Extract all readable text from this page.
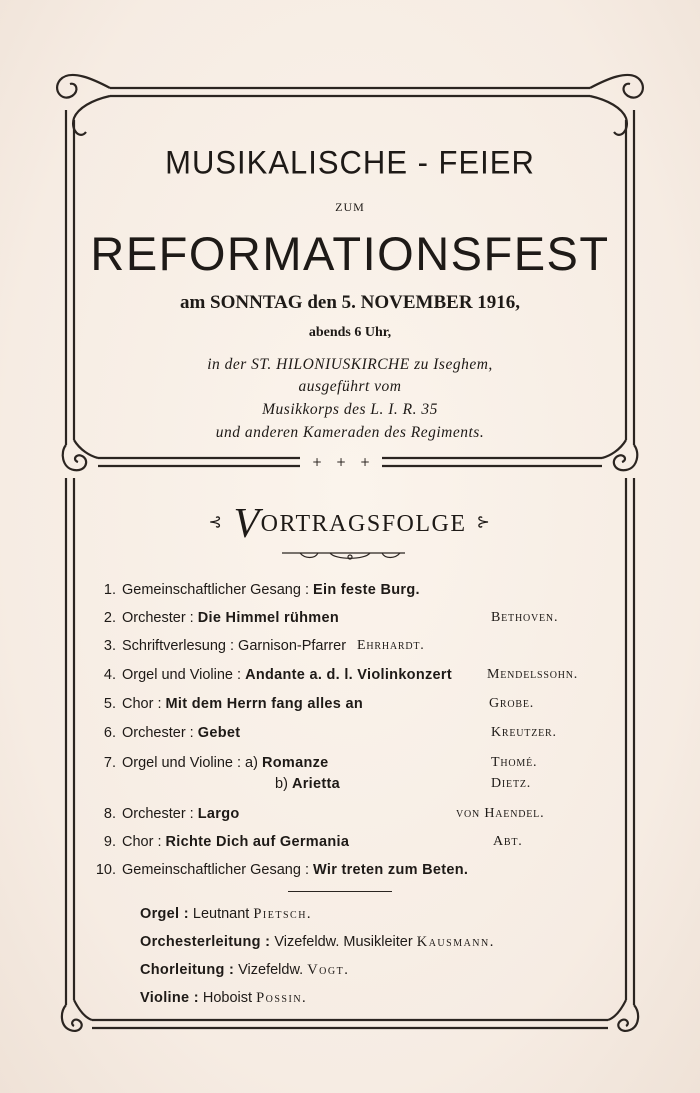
+ + +
MUSIKALISCHE - FEIER
ZUM
REFORMATIONSFEST
am SONNTAG den 5. NOVEMBER 1916,
abends 6 Uhr,
in der ST. HILONIUSKIRCHE zu Iseghem,
ausgeführt vom
Musikkorps des L. I. R. 35
und anderen Kameraden des Regiments.
⊰ VORTRAGSFOLGE ⊱
1. Gemeinschaftlicher Gesang : Ein feste Burg.
2. Orchester : Die Himmel rühmen	Bethoven.
3. Schriftverlesung : Garnison-Pfarrer Ehrhardt.
4. Orgel und Violine : Andante a. d. l. Violinkonzert	Mendelssohn.
5. Chor : Mit dem Herrn fang alles an	Grobe.
6. Orchester : Gebet	Kreutzer.
7. Orgel und Violine : a) Romanze	Thomé.
b) Arietta	Dietz.
8. Orchester : Largo	von Haendel.
9. Chor : Richte Dich auf Germania	Abt.
10. Gemeinschaftlicher Gesang : Wir treten zum Beten.
Orgel : Leutnant Pietsch.
Orchesterleitung : Vizefeldw. Musikleiter Kausmann.
Chorleitung : Vizefeldw. Vogt.
Violine : Hoboist Possin.
